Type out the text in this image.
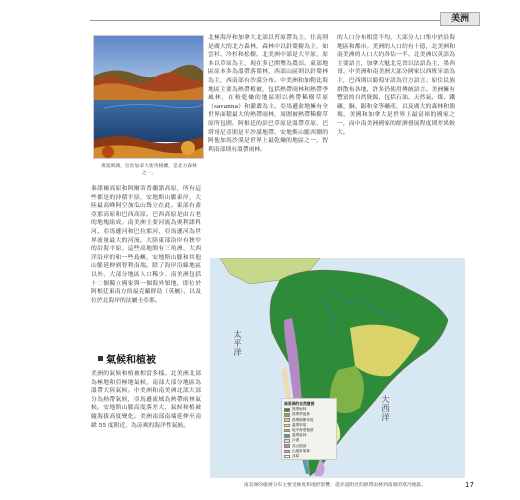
美洲
奧迪吸湖，位於加拿大新英格蘭，是北方森林之一。
秦諾爾高原和阿爾蒂普蘭諾高原，所有這些都是的沖積平原，安地斯山脈東岸，大陸最高峰阿空加瓜山聳立在此。東部有蓋亞那高原和巴西高原。巴西高原是由古老的地塊組成。南美洲主要河流為奧利諾科河、亞馬遜河和巴拉那河，亞馬遜河為世界流量最大的河流。大陸東部沿岸有狹窄的沿海平原。這些高地間有三角洲、大西洋沿岸的和一些島嶼，安地斯山脈和其他山脈延伸到智利南端。除了海岸沿線地區以外，大部分地區人口稀少。南美洲包括十二個獨立國家與一個海外領地，即位於阿根廷東南方的福克蘭群島（英屬），以及位於北海岸的法屬圭亞那。
氣候和植被
美洲的氣候和植被相當多樣。北美洲北部為極地和亞極地氣候，南部大部分地區為溫帶大陸氣候。中美洲和南美洲北部大部分為熱帶氣候，亞馬遜流域為熱帶雨林氣候。安地斯山脈高度落差大，氣候和植被隨海拔高度變化。美洲南部南端延伸至南緯 55 度附近，為涼爽的海洋性氣候。
北極海岸和加拿大北部以苔原帶為主，往南則是廣大的北方森林，森林中以針葉樹為主，如雲杉、冷杉和松樹。北美洲中部是大平原，原本以草原為主，現在多已開墾為農田。東部地區原本多為溫帶落葉林，西部山區則以針葉林為主，西南部有沙漠分布。中美洲和加勒比海地區主要為熱帶植被，包括熱帶雨林和熱帶季風林，在較乾燥的地區則以熱帶稀樹草原（savanna）和灌叢為主。亞馬遜盆地擁有全世界面積最大的熱帶雨林，周圍被熱帶稀樹草原所包圍。阿根廷的彭巴草原是溫帶草原，巴塔哥尼亞則是半沙漠地帶。安地斯山脈西側的阿他加馬沙漠是世界上最乾燥的地區之一，智利南部則有溫帶雨林。
的人口分布相當不均，大部分人口集中於沿海地區和都市。美洲的人口約有十億，北美洲和南美洲的人口大約各佔一半。北美洲以英語為主要語言，加拿大魁北克省以法語為主，墨西哥、中美洲和南美洲大部分國家以西班牙語為主，巴西則以葡萄牙語為官方語言。原住民族群散布各地，許多仍使用傳統語言。美洲擁有豐富的自然資源，包括石油、天然氣、煤、鐵礦、銅、銀和金等礦產，以及廣大的森林和漁場。美國和加拿大是世界上最富裕的國家之一，而中南美洲國家的經濟發展程度則差異較大。
太平洋
大西洋
南美洲的自然植被
熱帶雨林
熱帶季風林
熱帶稀樹草原
溫帶草原
地中海型植被
溫帶森林
沙漠
高山植被
山地針葉林
冰原
南美洲的植被分布主要受緯度和地形影響，從赤道附近的熱帶雨林到南端的寒冷地區。	17
